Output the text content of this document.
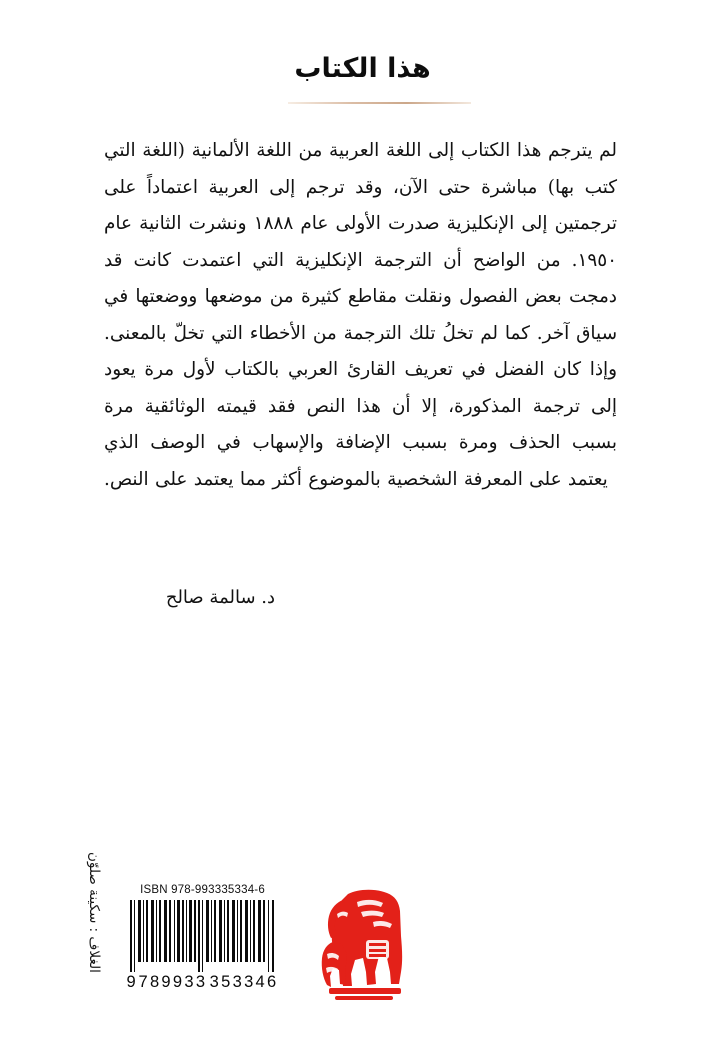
هذا الكتاب

لم يترجم هذا الكتاب إلى اللغة العربية من اللغة الألمانية (اللغة التي كتب بها) مباشرة حتى الآن، وقد ترجم إلى العربية اعتماداً على ترجمتين إلى الإنكليزية صدرت الأولى عام ١٨٨٨ ونشرت الثانية عام ١٩٥٠. من الواضح أن الترجمة الإنكليزية التي اعتمدت كانت قد دمجت بعض الفصول ونقلت مقاطع كثيرة من موضعها ووضعتها في سياق آخر. كما لم تخلُ تلك الترجمة من الأخطاء التي تخلّ بالمعنى.

وإذا كان الفضل في تعريف القارئ العربي بالكتاب لأول مرة يعود إلى ترجمة المذكورة، إلا أن هذا النص فقد قيمته الوثائقية مرة بسبب الحذف ومرة بسبب الإضافة والإسهاب في الوصف الذي يعتمد على المعرفة الشخصية بالموضوع أكثر مما يعتمد على النص.

د. سالمة صالح
الغلاف : سكينة صلوّن	ISBN 978-993335334-6
9 789933 353346
